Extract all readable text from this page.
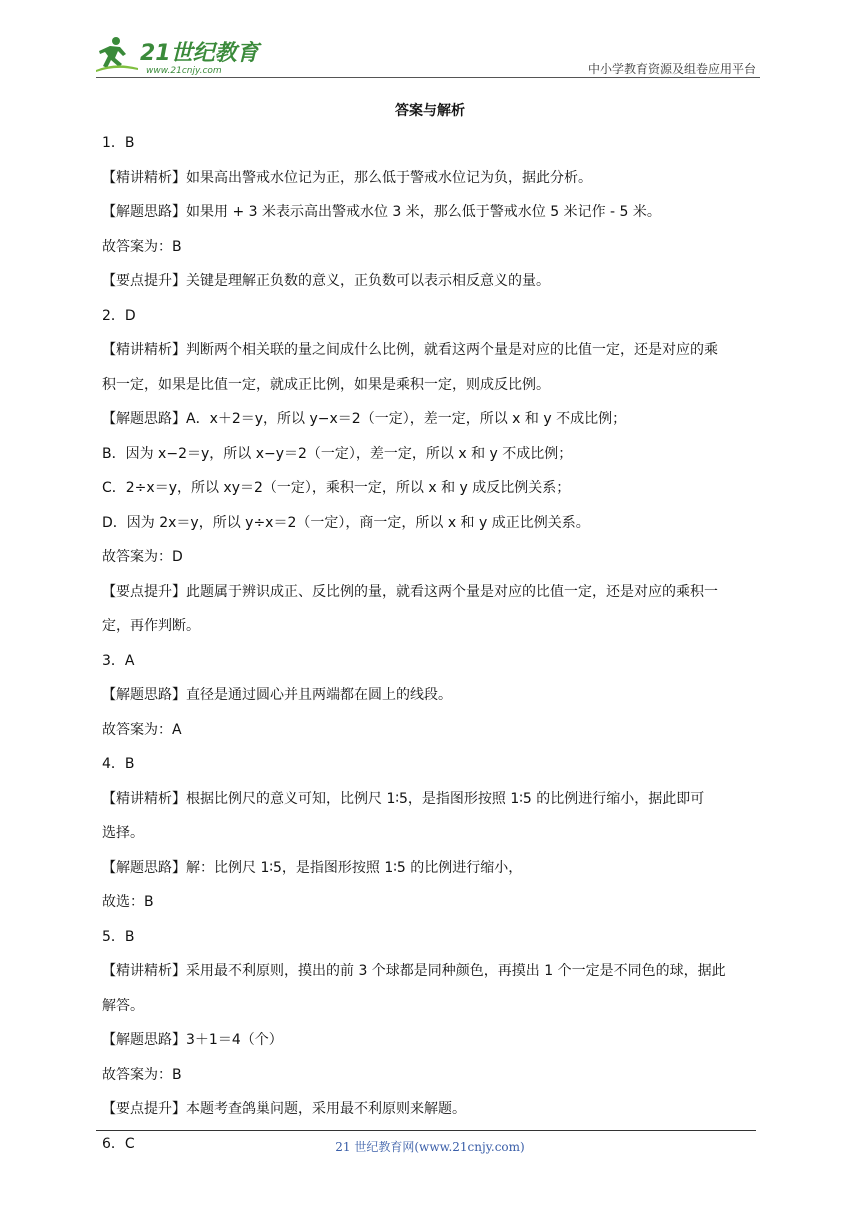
21世纪教育
www.21cnjy.com	中小学教育资源及组卷应用平台
答案与解析
1．B
【精讲精析】如果高出警戒水位记为正，那么低于警戒水位记为负，据此分析。
【解题思路】如果用 + 3 米表示高出警戒水位 3 米，那么低于警戒水位 5 米记作 - 5 米。
故答案为：B
【要点提升】关键是理解正负数的意义，正负数可以表示相反意义的量。
2．D
【精讲精析】判断两个相关联的量之间成什么比例，就看这两个量是对应的比值一定，还是对应的乘
积一定，如果是比值一定，就成正比例，如果是乘积一定，则成反比例。
【解题思路】A．x＋2＝y，所以 y−x＝2（一定），差一定，所以 x 和 y 不成比例；
B．因为 x−2＝y，所以 x−y＝2（一定），差一定，所以 x 和 y 不成比例；
C．2÷x＝y，所以 xy＝2（一定），乘积一定，所以 x 和 y 成反比例关系；
D．因为 2x＝y，所以 y÷x＝2（一定），商一定，所以 x 和 y 成正比例关系。
故答案为：D
【要点提升】此题属于辨识成正、反比例的量，就看这两个量是对应的比值一定，还是对应的乘积一
定，再作判断。
3．A
【解题思路】直径是通过圆心并且两端都在圆上的线段。
故答案为：A
4．B
【精讲精析】根据比例尺的意义可知，比例尺 1∶5，是指图形按照 1∶5 的比例进行缩小，据此即可
选择。
【解题思路】解：比例尺 1∶5，是指图形按照 1∶5 的比例进行缩小，
故选：B
5．B
【精讲精析】采用最不利原则，摸出的前 3 个球都是同种颜色，再摸出 1 个一定是不同色的球，据此
解答。
【解题思路】3＋1＝4（个）
故答案为：B
【要点提升】本题考查鸽巢问题，采用最不利原则来解题。
6．C	21 世纪教育网(www.21cnjy.com)
